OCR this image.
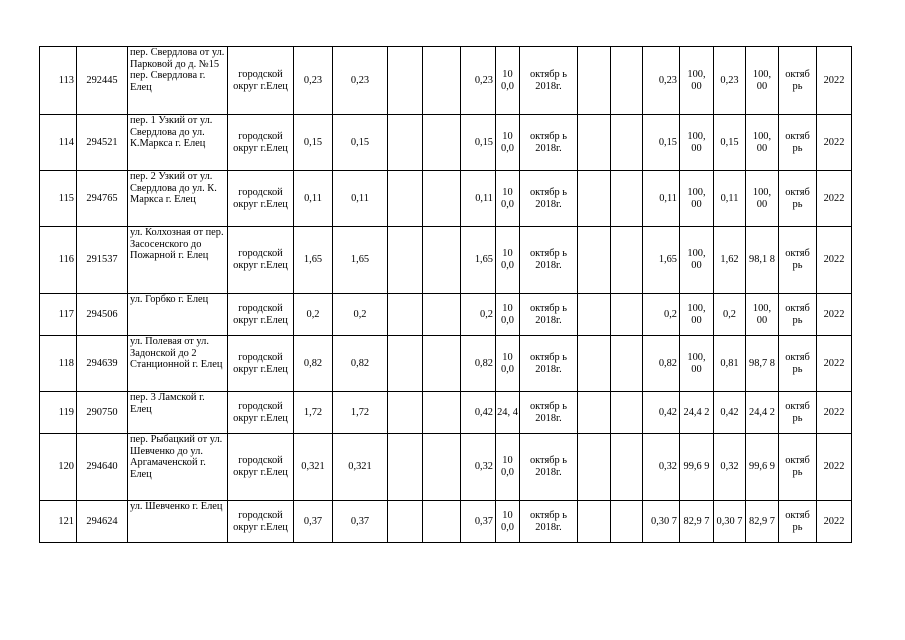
113	292445	пер. Свердлова от ул. Парковой до д. №15 пер. Свердлова г. Елец	городской округ г.Елец	0,23	0,23			0,23	10 0,0	октябр ь 2018г.			0,23	100, 00	0,23	100, 00	октяб рь	2022
114	294521	пер. 1 Узкий от ул. Свердлова до ул. К.Маркса г. Елец	городской округ г.Елец	0,15	0,15			0,15	10 0,0	октябр ь 2018г.			0,15	100, 00	0,15	100, 00	октяб рь	2022
115	294765	пер. 2 Узкий от ул. Свердлова до ул. К. Маркса г. Елец	городской округ г.Елец	0,11	0,11			0,11	10 0,0	октябр ь 2018г.			0,11	100, 00	0,11	100, 00	октяб рь	2022
116	291537	ул. Колхозная от пер. Засосенского до Пожарной г. Елец	городской округ г.Елец	1,65	1,65			1,65	10 0,0	октябр ь 2018г.			1,65	100, 00	1,62	98,1 8	октяб рь	2022
117	294506	ул. Горбко г. Елец	городской округ г.Елец	0,2	0,2			0,2	10 0,0	октябр ь 2018г.			0,2	100, 00	0,2	100, 00	октяб рь	2022
118	294639	ул. Полевая от ул. Задонской до 2 Станционной г. Елец	городской округ г.Елец	0,82	0,82			0,82	10 0,0	октябр ь 2018г.			0,82	100, 00	0,81	98,7 8	октяб рь	2022
119	290750	пер. 3 Ламской г. Елец	городской округ г.Елец	1,72	1,72			0,42	24, 4	октябр ь 2018г.			0,42	24,4 2	0,42	24,4 2	октяб рь	2022
120	294640	пер. Рыбацкий от ул. Шевченко до ул. Аргамаченской г. Елец	городской округ г.Елец	0,321	0,321			0,32	10 0,0	октябр ь 2018г.			0,32	99,6 9	0,32	99,6 9	октяб рь	2022
121	294624	ул. Шевченко г. Елец	городской округ г.Елец	0,37	0,37			0,37	10 0,0	октябр ь 2018г.			0,30 7	82,9 7	0,30 7	82,9 7	октяб рь	2022
